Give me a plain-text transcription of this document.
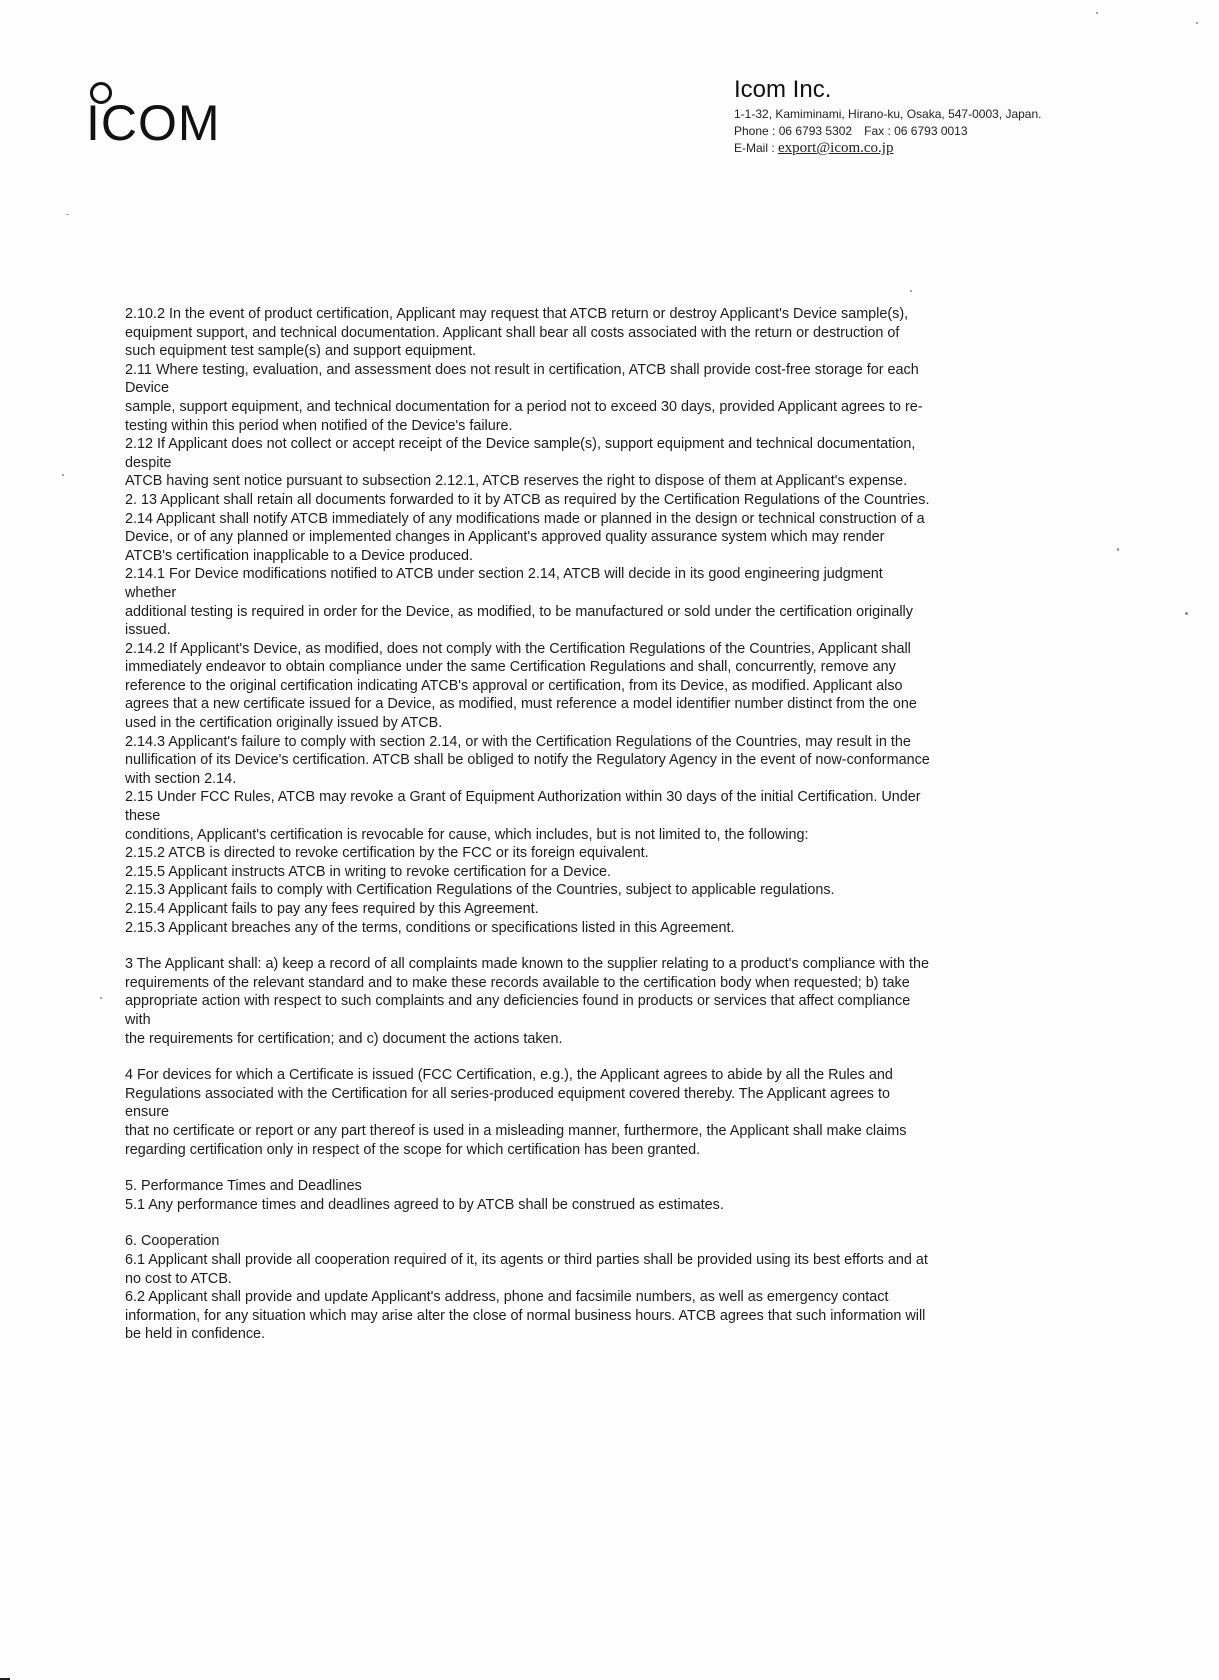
ICOM
Icom Inc.
1-1-32, Kamiminami, Hirano-ku, Osaka, 547-0003, Japan.
Phone : 06 6793 5302 Fax : 06 6793 0013
E-Mail : export@icom.co.jp
2.10.2 In the event of product certification, Applicant may request that ATCB return or destroy Applicant's Device sample(s),
equipment support, and technical documentation. Applicant shall bear all costs associated with the return or destruction of
such equipment test sample(s) and support equipment.
2.11 Where testing, evaluation, and assessment does not result in certification, ATCB shall provide cost-free storage for each
Device
sample, support equipment, and technical documentation for a period not to exceed 30 days, provided Applicant agrees to re-
testing within this period when notified of the Device's failure.
2.12 If Applicant does not collect or accept receipt of the Device sample(s), support equipment and technical documentation,
despite
ATCB having sent notice pursuant to subsection 2.12.1, ATCB reserves the right to dispose of them at Applicant's expense.
2. 13 Applicant shall retain all documents forwarded to it by ATCB as required by the Certification Regulations of the Countries.
2.14 Applicant shall notify ATCB immediately of any modifications made or planned in the design or technical construction of a
Device, or of any planned or implemented changes in Applicant's approved quality assurance system which may render
ATCB's certification inapplicable to a Device produced.
2.14.1 For Device modifications notified to ATCB under section 2.14, ATCB will decide in its good engineering judgment
whether
additional testing is required in order for the Device, as modified, to be manufactured or sold under the certification originally
issued.
2.14.2 If Applicant's Device, as modified, does not comply with the Certification Regulations of the Countries, Applicant shall
immediately endeavor to obtain compliance under the same Certification Regulations and shall, concurrently, remove any
reference to the original certification indicating ATCB's approval or certification, from its Device, as modified. Applicant also
agrees that a new certificate issued for a Device, as modified, must reference a model identifier number distinct from the one
used in the certification originally issued by ATCB.
2.14.3 Applicant's failure to comply with section 2.14, or with the Certification Regulations of the Countries, may result in the
nullification of its Device's certification. ATCB shall be obliged to notify the Regulatory Agency in the event of now-conformance
with section 2.14.
2.15 Under FCC Rules, ATCB may revoke a Grant of Equipment Authorization within 30 days of the initial Certification. Under
these
conditions, Applicant's certification is revocable for cause, which includes, but is not limited to, the following:
2.15.2 ATCB is directed to revoke certification by the FCC or its foreign equivalent.
2.15.5 Applicant instructs ATCB in writing to revoke certification for a Device.
2.15.3 Applicant fails to comply with Certification Regulations of the Countries, subject to applicable regulations.
2.15.4 Applicant fails to pay any fees required by this Agreement.
2.15.3 Applicant breaches any of the terms, conditions or specifications listed in this Agreement.
3 The Applicant shall: a) keep a record of all complaints made known to the supplier relating to a product's compliance with the
requirements of the relevant standard and to make these records available to the certification body when requested; b) take
appropriate action with respect to such complaints and any deficiencies found in products or services that affect compliance
with
the requirements for certification; and c) document the actions taken.
4 For devices for which a Certificate is issued (FCC Certification, e.g.), the Applicant agrees to abide by all the Rules and
Regulations associated with the Certification for all series-produced equipment covered thereby. The Applicant agrees to
ensure
that no certificate or report or any part thereof is used in a misleading manner, furthermore, the Applicant shall make claims
regarding certification only in respect of the scope for which certification has been granted.
5. Performance Times and Deadlines
5.1 Any performance times and deadlines agreed to by ATCB shall be construed as estimates.
6. Cooperation
6.1 Applicant shall provide all cooperation required of it, its agents or third parties shall be provided using its best efforts and at
no cost to ATCB.
6.2 Applicant shall provide and update Applicant's address, phone and facsimile numbers, as well as emergency contact
information, for any situation which may arise alter the close of normal business hours. ATCB agrees that such information will
be held in confidence.
